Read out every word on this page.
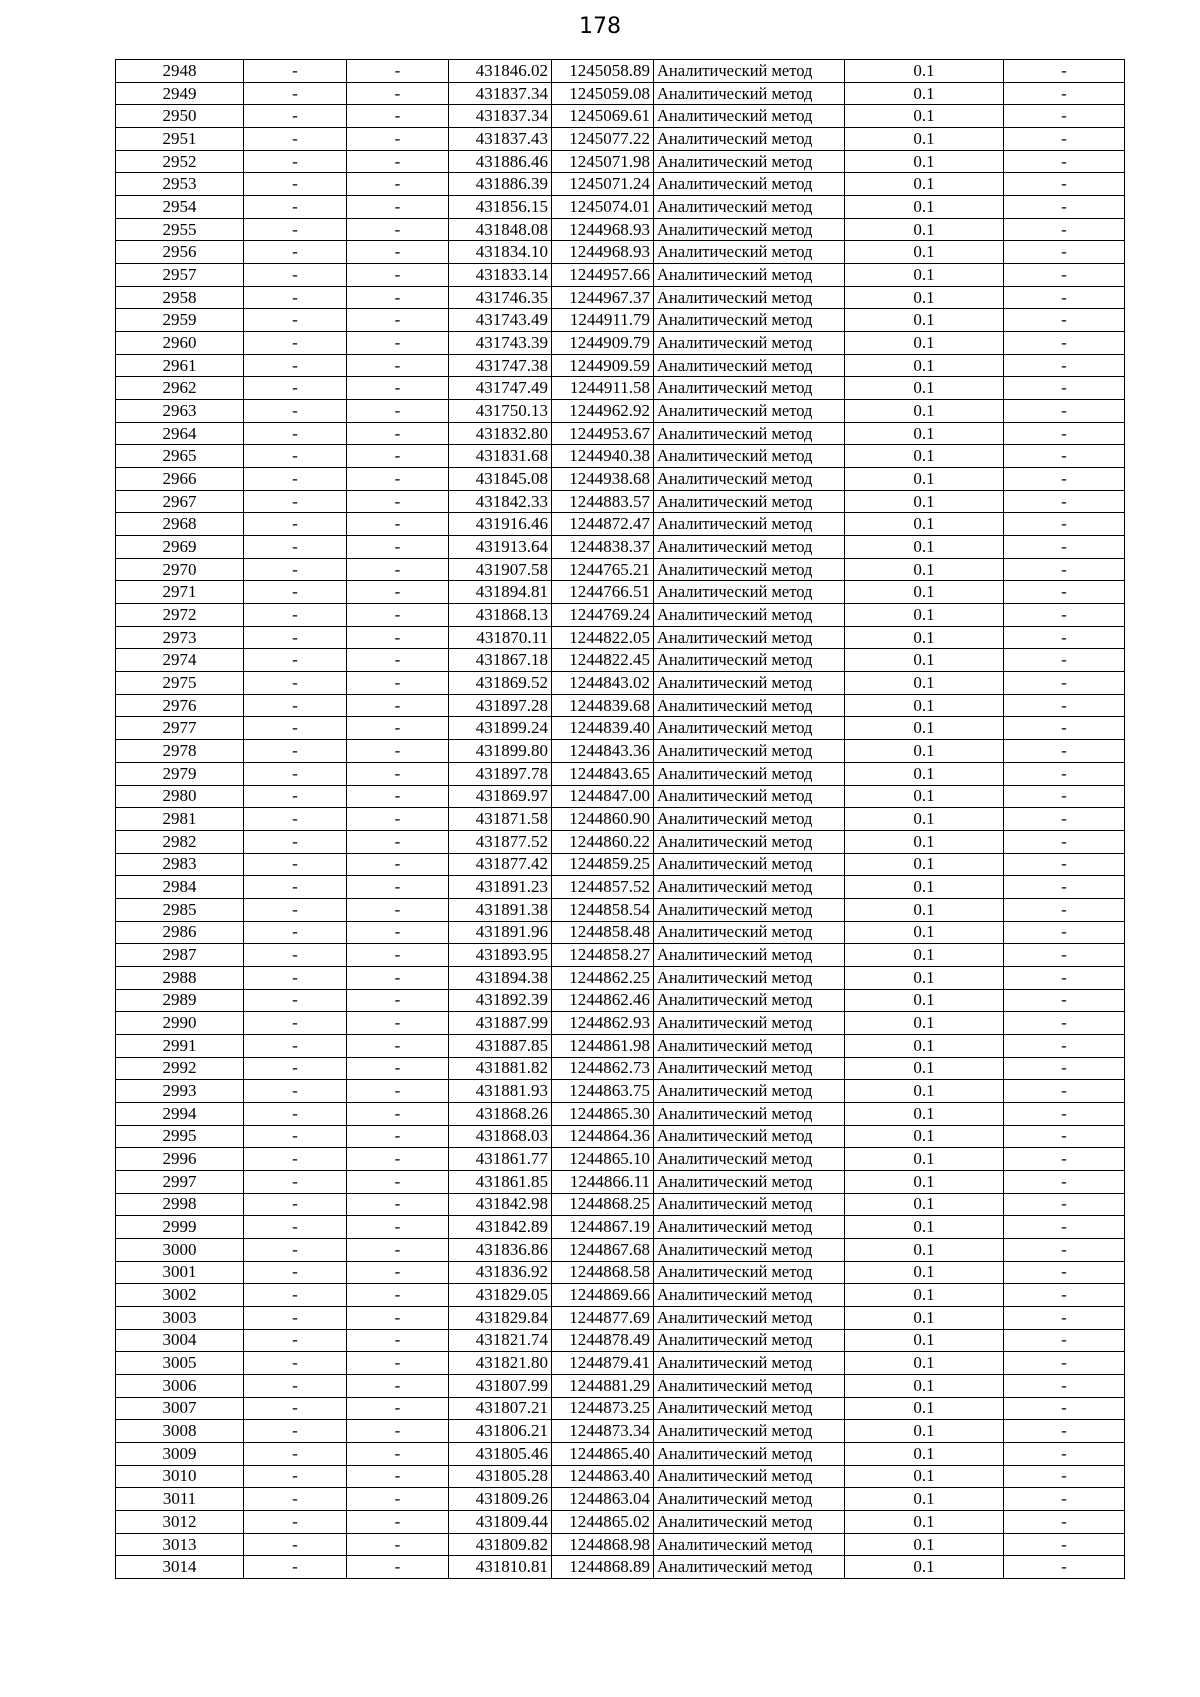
178
2948	-	-	431846.02	1245058.89	Аналитический метод	0.1	-
2949	-	-	431837.34	1245059.08	Аналитический метод	0.1	-
2950	-	-	431837.34	1245069.61	Аналитический метод	0.1	-
2951	-	-	431837.43	1245077.22	Аналитический метод	0.1	-
2952	-	-	431886.46	1245071.98	Аналитический метод	0.1	-
2953	-	-	431886.39	1245071.24	Аналитический метод	0.1	-
2954	-	-	431856.15	1245074.01	Аналитический метод	0.1	-
2955	-	-	431848.08	1244968.93	Аналитический метод	0.1	-
2956	-	-	431834.10	1244968.93	Аналитический метод	0.1	-
2957	-	-	431833.14	1244957.66	Аналитический метод	0.1	-
2958	-	-	431746.35	1244967.37	Аналитический метод	0.1	-
2959	-	-	431743.49	1244911.79	Аналитический метод	0.1	-
2960	-	-	431743.39	1244909.79	Аналитический метод	0.1	-
2961	-	-	431747.38	1244909.59	Аналитический метод	0.1	-
2962	-	-	431747.49	1244911.58	Аналитический метод	0.1	-
2963	-	-	431750.13	1244962.92	Аналитический метод	0.1	-
2964	-	-	431832.80	1244953.67	Аналитический метод	0.1	-
2965	-	-	431831.68	1244940.38	Аналитический метод	0.1	-
2966	-	-	431845.08	1244938.68	Аналитический метод	0.1	-
2967	-	-	431842.33	1244883.57	Аналитический метод	0.1	-
2968	-	-	431916.46	1244872.47	Аналитический метод	0.1	-
2969	-	-	431913.64	1244838.37	Аналитический метод	0.1	-
2970	-	-	431907.58	1244765.21	Аналитический метод	0.1	-
2971	-	-	431894.81	1244766.51	Аналитический метод	0.1	-
2972	-	-	431868.13	1244769.24	Аналитический метод	0.1	-
2973	-	-	431870.11	1244822.05	Аналитический метод	0.1	-
2974	-	-	431867.18	1244822.45	Аналитический метод	0.1	-
2975	-	-	431869.52	1244843.02	Аналитический метод	0.1	-
2976	-	-	431897.28	1244839.68	Аналитический метод	0.1	-
2977	-	-	431899.24	1244839.40	Аналитический метод	0.1	-
2978	-	-	431899.80	1244843.36	Аналитический метод	0.1	-
2979	-	-	431897.78	1244843.65	Аналитический метод	0.1	-
2980	-	-	431869.97	1244847.00	Аналитический метод	0.1	-
2981	-	-	431871.58	1244860.90	Аналитический метод	0.1	-
2982	-	-	431877.52	1244860.22	Аналитический метод	0.1	-
2983	-	-	431877.42	1244859.25	Аналитический метод	0.1	-
2984	-	-	431891.23	1244857.52	Аналитический метод	0.1	-
2985	-	-	431891.38	1244858.54	Аналитический метод	0.1	-
2986	-	-	431891.96	1244858.48	Аналитический метод	0.1	-
2987	-	-	431893.95	1244858.27	Аналитический метод	0.1	-
2988	-	-	431894.38	1244862.25	Аналитический метод	0.1	-
2989	-	-	431892.39	1244862.46	Аналитический метод	0.1	-
2990	-	-	431887.99	1244862.93	Аналитический метод	0.1	-
2991	-	-	431887.85	1244861.98	Аналитический метод	0.1	-
2992	-	-	431881.82	1244862.73	Аналитический метод	0.1	-
2993	-	-	431881.93	1244863.75	Аналитический метод	0.1	-
2994	-	-	431868.26	1244865.30	Аналитический метод	0.1	-
2995	-	-	431868.03	1244864.36	Аналитический метод	0.1	-
2996	-	-	431861.77	1244865.10	Аналитический метод	0.1	-
2997	-	-	431861.85	1244866.11	Аналитический метод	0.1	-
2998	-	-	431842.98	1244868.25	Аналитический метод	0.1	-
2999	-	-	431842.89	1244867.19	Аналитический метод	0.1	-
3000	-	-	431836.86	1244867.68	Аналитический метод	0.1	-
3001	-	-	431836.92	1244868.58	Аналитический метод	0.1	-
3002	-	-	431829.05	1244869.66	Аналитический метод	0.1	-
3003	-	-	431829.84	1244877.69	Аналитический метод	0.1	-
3004	-	-	431821.74	1244878.49	Аналитический метод	0.1	-
3005	-	-	431821.80	1244879.41	Аналитический метод	0.1	-
3006	-	-	431807.99	1244881.29	Аналитический метод	0.1	-
3007	-	-	431807.21	1244873.25	Аналитический метод	0.1	-
3008	-	-	431806.21	1244873.34	Аналитический метод	0.1	-
3009	-	-	431805.46	1244865.40	Аналитический метод	0.1	-
3010	-	-	431805.28	1244863.40	Аналитический метод	0.1	-
3011	-	-	431809.26	1244863.04	Аналитический метод	0.1	-
3012	-	-	431809.44	1244865.02	Аналитический метод	0.1	-
3013	-	-	431809.82	1244868.98	Аналитический метод	0.1	-
3014	-	-	431810.81	1244868.89	Аналитический метод	0.1	-
